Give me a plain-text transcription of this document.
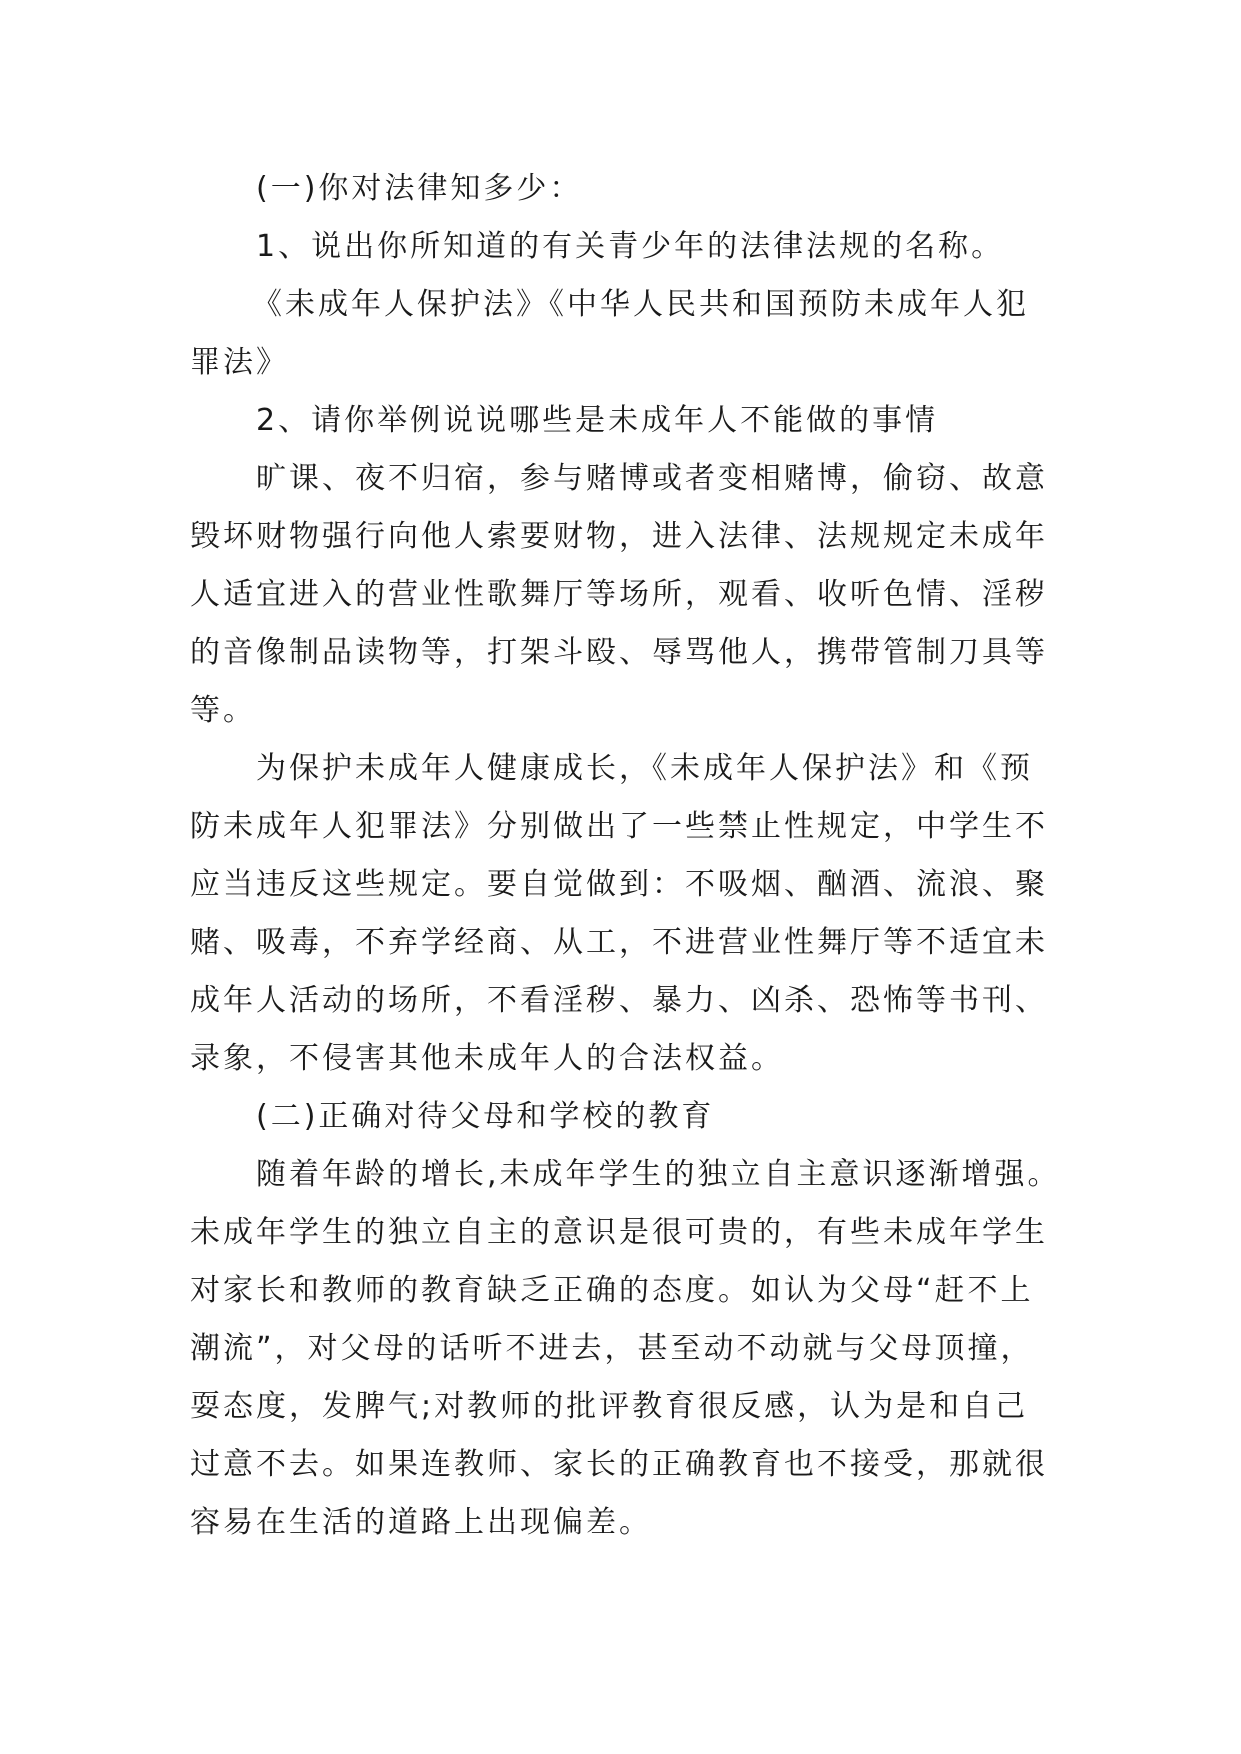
(一)你对法律知多少：
1、说出你所知道的有关青少年的法律法规的名称。
《未成年人保护法》《中华人民共和国预防未成年人犯
罪法》
2、请你举例说说哪些是未成年人不能做的事情
旷课、夜不归宿，参与赌博或者变相赌博，偷窃、故意
毁坏财物强行向他人索要财物，进入法律、法规规定未成年
人适宜进入的营业性歌舞厅等场所，观看、收听色情、淫秽
的音像制品读物等，打架斗殴、辱骂他人，携带管制刀具等
等。
为保护未成年人健康成长，《未成年人保护法》和《预
防未成年人犯罪法》分别做出了一些禁止性规定，中学生不
应当违反这些规定。要自觉做到：不吸烟、酗酒、流浪、聚
赌、吸毒，不弃学经商、从工，不进营业性舞厅等不适宜未
成年人活动的场所，不看淫秽、暴力、凶杀、恐怖等书刊、
录象，不侵害其他未成年人的合法权益。
(二)正确对待父母和学校的教育
随着年龄的增长,未成年学生的独立自主意识逐渐增强。
未成年学生的独立自主的意识是很可贵的，有些未成年学生
对家长和教师的教育缺乏正确的态度。如认为父母“赶不上
潮流”，对父母的话听不进去，甚至动不动就与父母顶撞，
耍态度，发脾气;对教师的批评教育很反感，认为是和自己
过意不去。如果连教师、家长的正确教育也不接受，那就很
容易在生活的道路上出现偏差。
